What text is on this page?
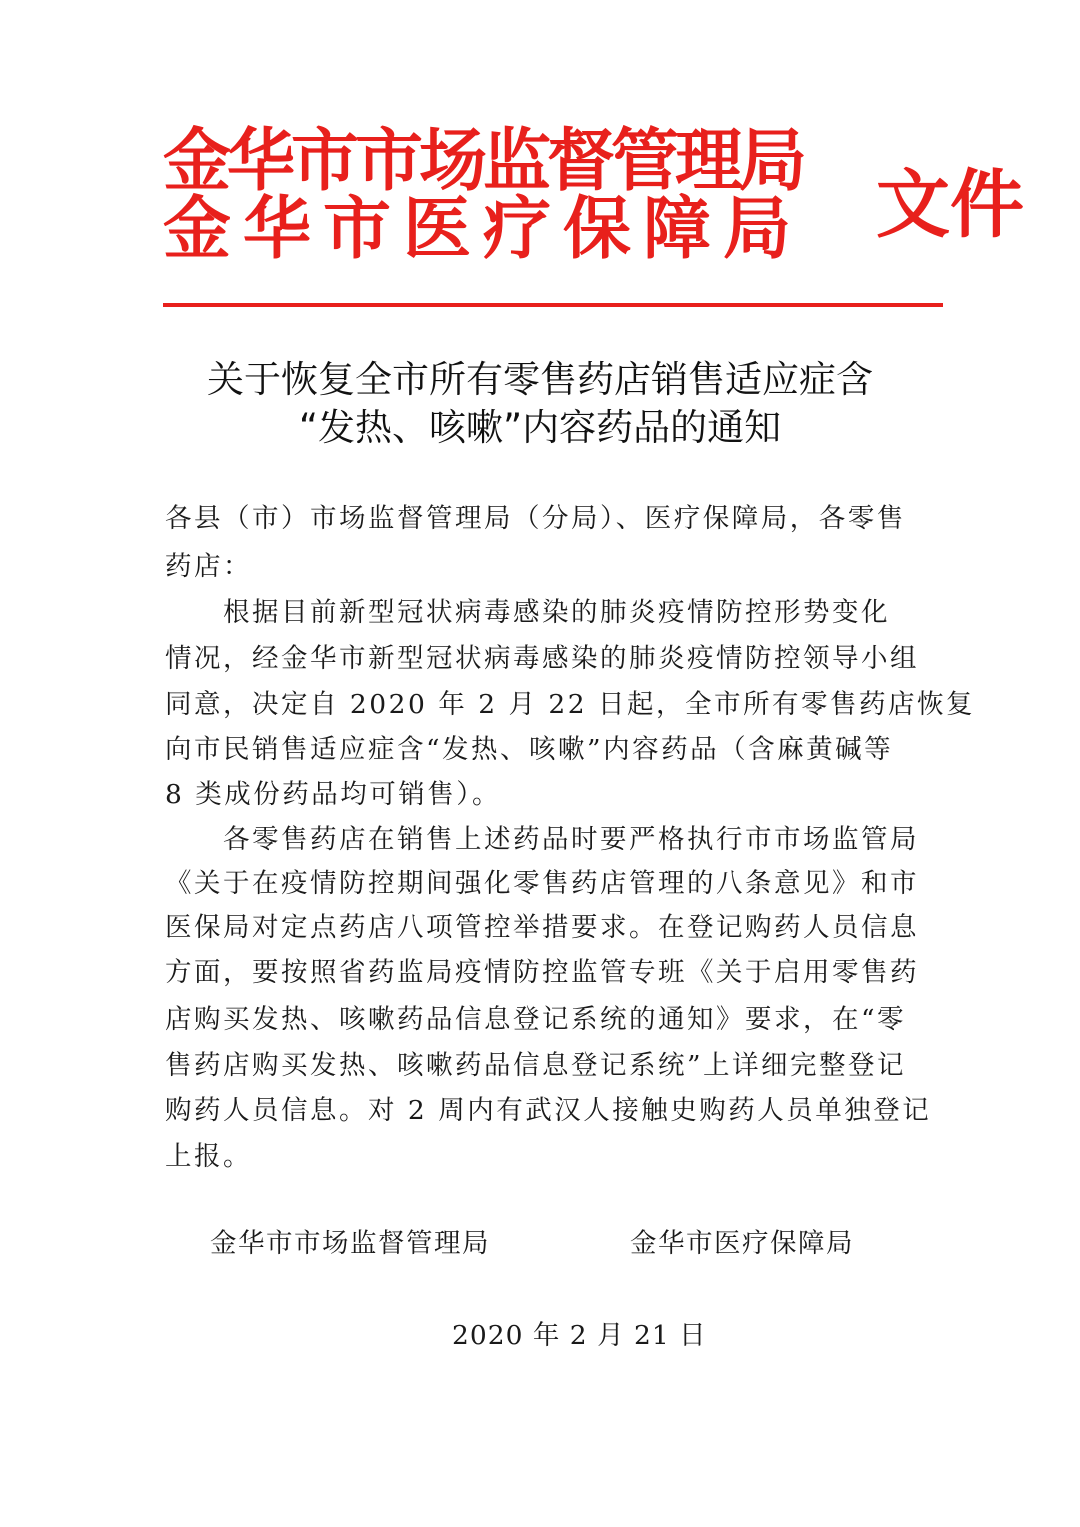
金华市市场监督管理局
金华市医疗保障局 文件
关于恢复全市所有零售药店销售适应症含
“发热、咳嗽”内容药品的通知
各县（市）市场监督管理局（分局）、医疗保障局，各零售
药店：
　　根据目前新型冠状病毒感染的肺炎疫情防控形势变化
情况，经金华市新型冠状病毒感染的肺炎疫情防控领导小组
同意，决定自 2020 年 2 月 22 日起，全市所有零售药店恢复
向市民销售适应症含“发热、咳嗽”内容药品（含麻黄碱等
8 类成份药品均可销售）。
　　各零售药店在销售上述药品时要严格执行市市场监管局
《关于在疫情防控期间强化零售药店管理的八条意见》和市
医保局对定点药店八项管控举措要求。在登记购药人员信息
方面，要按照省药监局疫情防控监管专班《关于启用零售药
店购买发热、咳嗽药品信息登记系统的通知》要求，在“零
售药店购买发热、咳嗽药品信息登记系统”上详细完整登记
购药人员信息。对 2 周内有武汉人接触史购药人员单独登记
上报。
金华市市场监督管理局	金华市医疗保障局
2020 年 2 月 21 日
